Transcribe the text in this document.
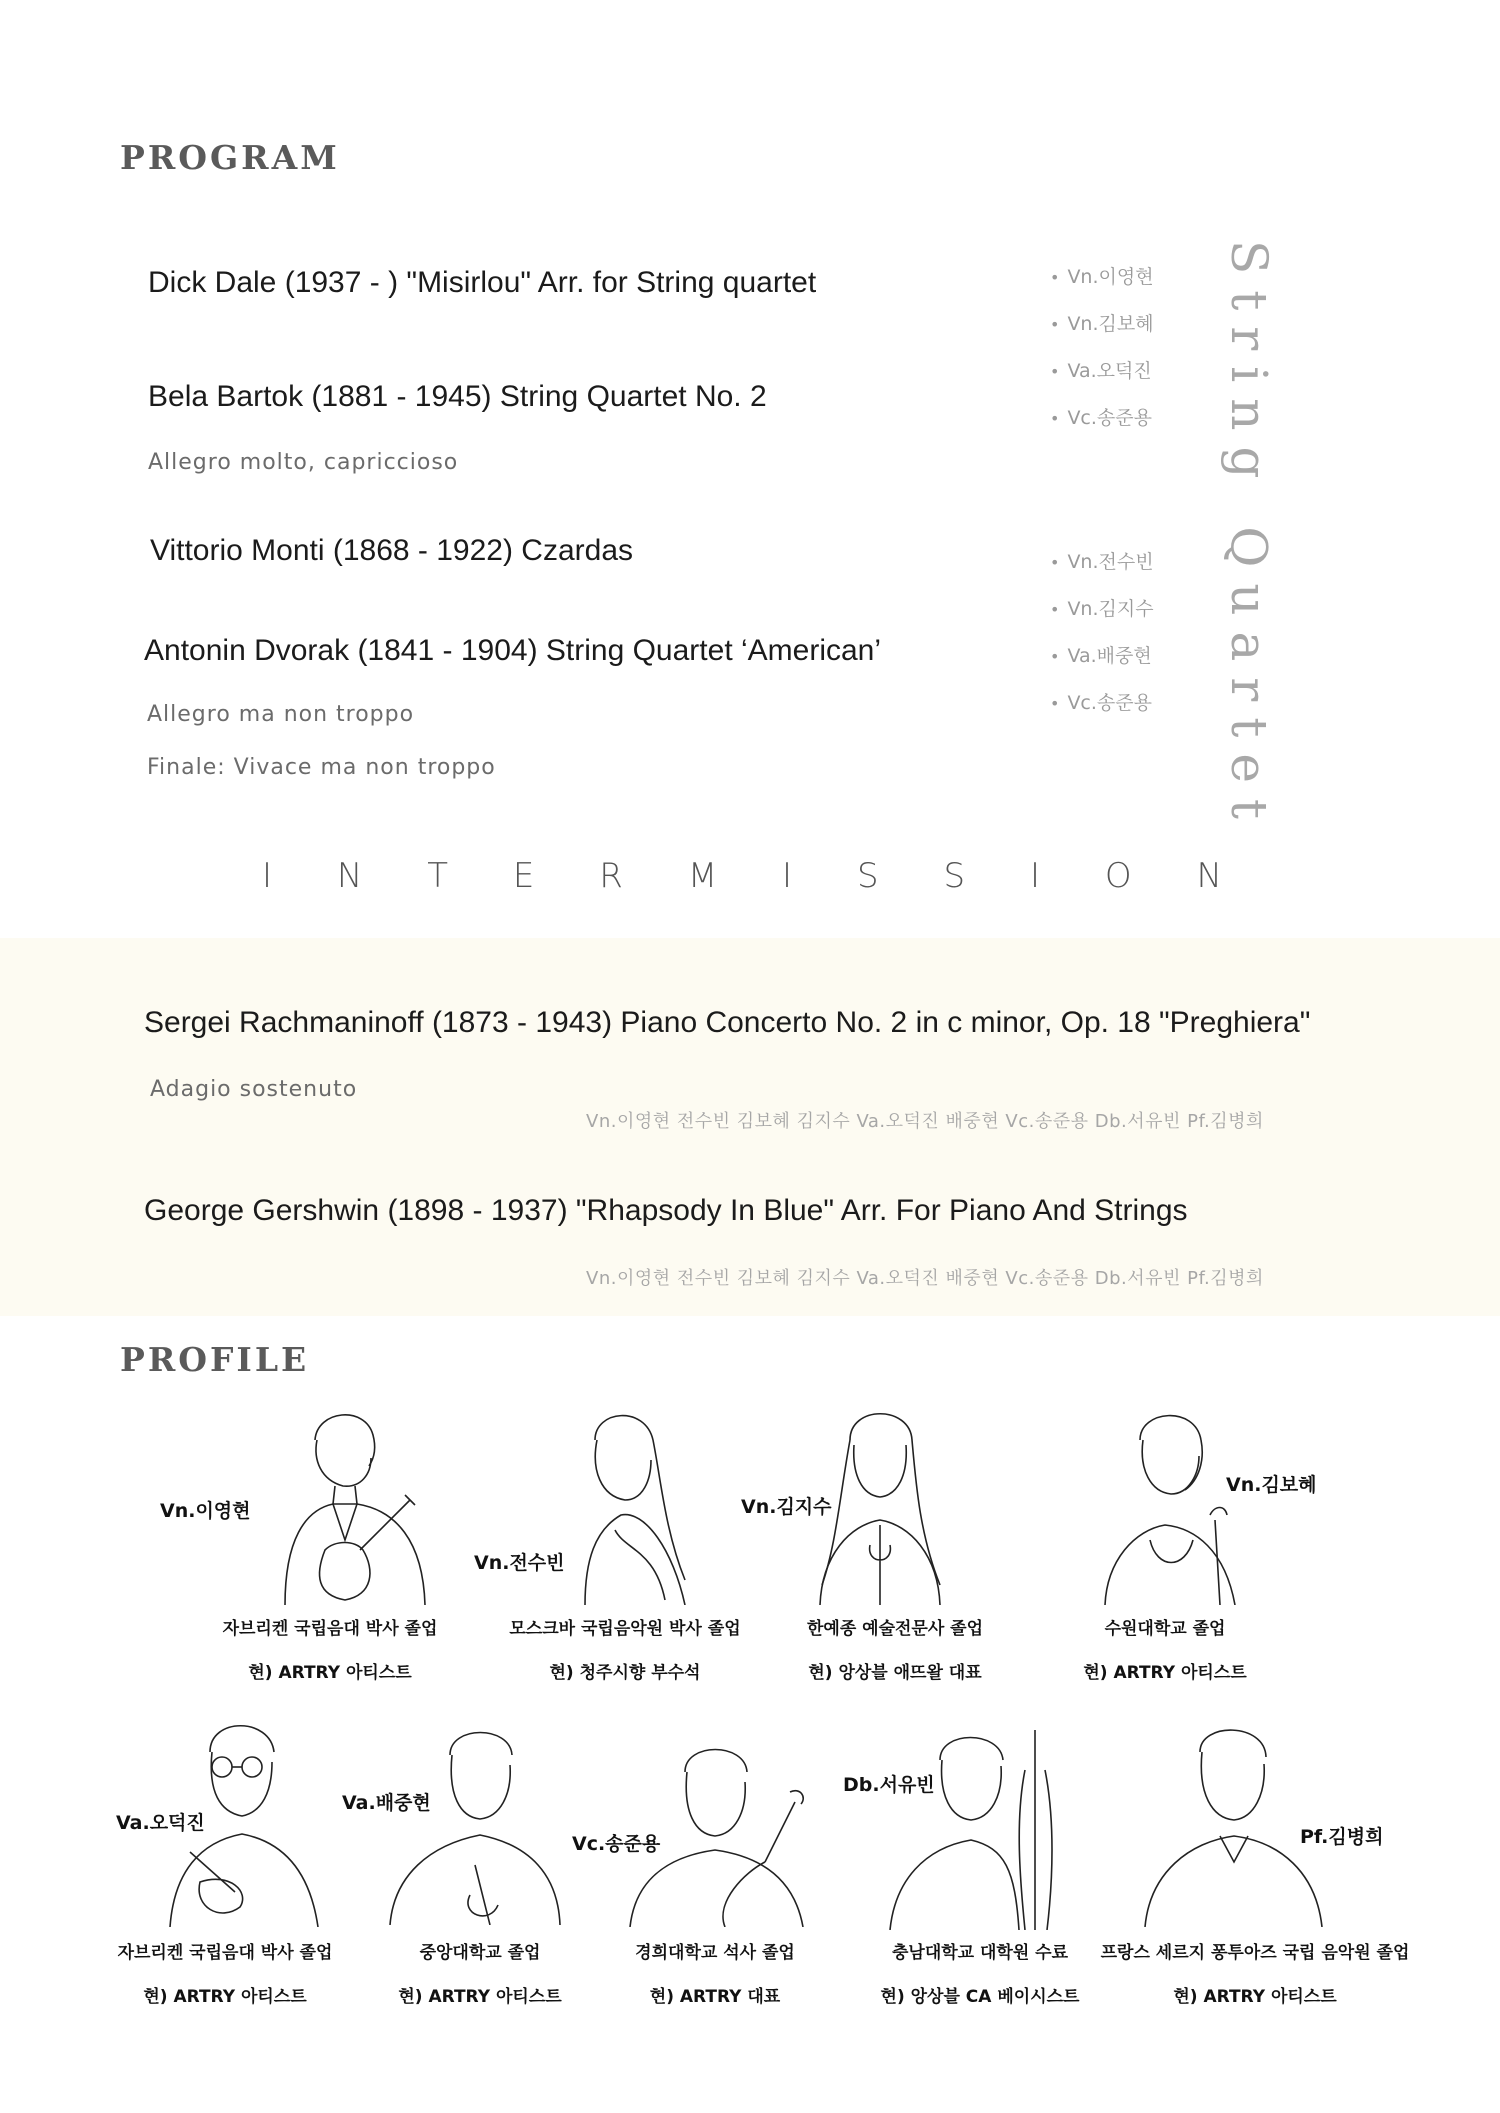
PROGRAM
Dick Dale (1937 - ) "Misirlou" Arr. for String quartet
Bela Bartok (1881 - 1945) String Quartet No. 2
Allegro molto, capriccioso
Vittorio Monti (1868 - 1922) Czardas
Antonin Dvorak (1841 - 1904) String Quartet ‘American’
Allegro ma non troppo
Finale: Vivace ma non troppo
• Vn.이영현
• Vn.김보혜
• Va.오덕진
• Vc.송준용
• Vn.전수빈
• Vn.김지수
• Va.배중현
• Vc.송준용 String Quartet
I N T E R M I S S I O N
Sergei Rachmaninoff (1873 - 1943) Piano Concerto No. 2 in c minor, Op. 18 "Preghiera"
Adagio sostenuto
Vn.이영현 전수빈 김보혜 김지수 Va.오덕진 배중현 Vc.송준용 Db.서유빈 Pf.김병희
George Gershwin (1898 - 1937) "Rhapsody In Blue" Arr. For Piano And Strings
Vn.이영현 전수빈 김보혜 김지수 Va.오덕진 배중현 Vc.송준용 Db.서유빈 Pf.김병희
PROFILE
Vn.이영현
Vn.전수빈
Vn.김지수
Vn.김보혜
자브리켄 국립음대 박사 졸업
현) ARTRY 아티스트
모스크바 국립음악원 박사 졸업
현) 청주시향 부수석
한예종 예술전문사 졸업
현) 앙상블 애뜨왈 대표
수원대학교 졸업
현) ARTRY 아티스트
Va.오덕진
Va.배중현
Vc.송준용
Db.서유빈
Pf.김병희
자브리켄 국립음대 박사 졸업
현) ARTRY 아티스트
중앙대학교 졸업
현) ARTRY 아티스트
경희대학교 석사 졸업
현) ARTRY 대표
충남대학교 대학원 수료
현) 앙상블 CA 베이시스트
프랑스 세르지 퐁투아즈 국립 음악원 졸업
현) ARTRY 아티스트
